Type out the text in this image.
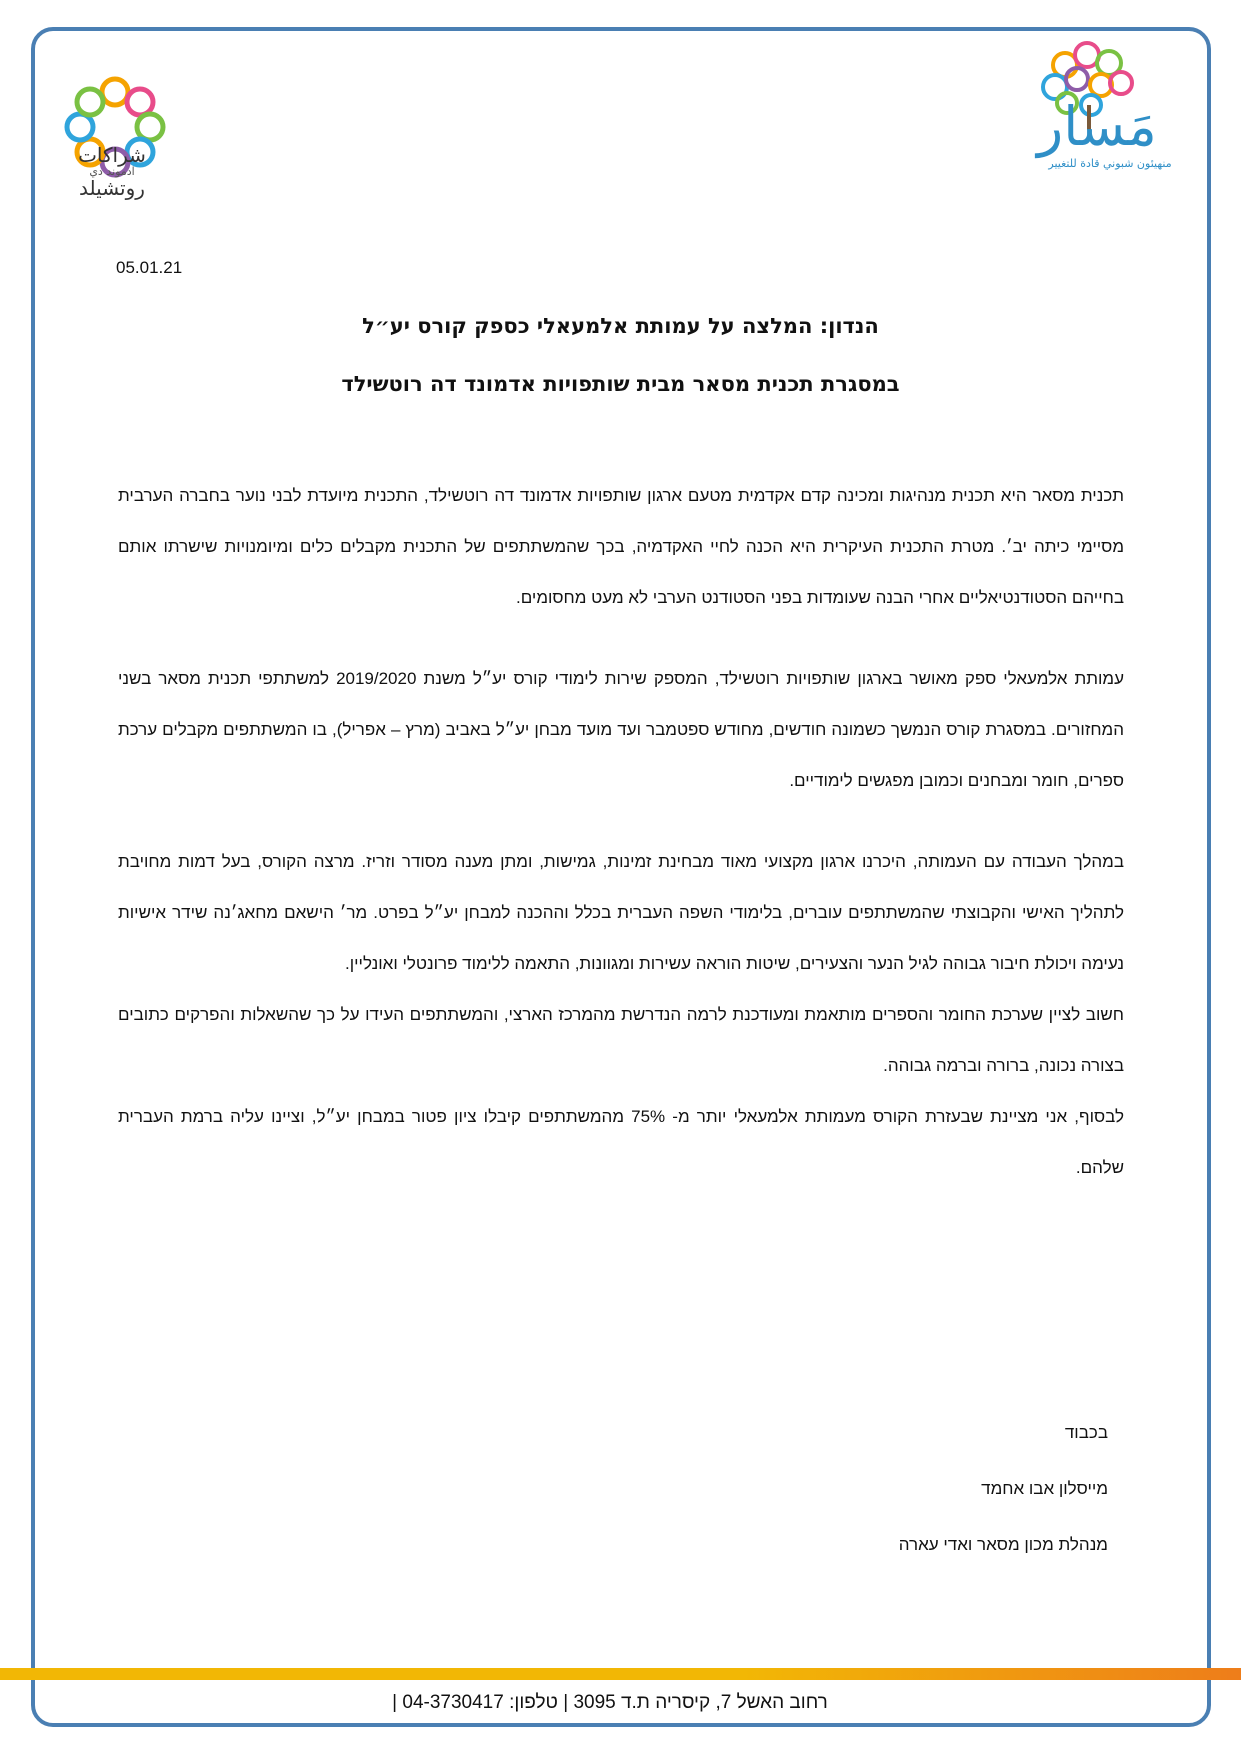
شراكات
ادموند دي
روتشيلد
مَسار
منهيئون شبوني قادة للتغيير
05.01.21
הנדון: המלצה על עמותת אלמעאלי כספק קורס יע״ל
במסגרת תכנית מסאר מבית שותפויות אדמונד דה רוטשילד

תכנית מסאר היא תכנית מנהיגות ומכינה קדם אקדמית מטעם ארגון שותפויות אדמונד דה רוטשילד, התכנית מיועדת לבני נוער בחברה הערבית מסיימי כיתה יב׳. מטרת התכנית העיקרית היא הכנה לחיי האקדמיה, בכך שהמשתתפים של התכנית מקבלים כלים ומיומנויות שישרתו אותם בחייהם הסטודנטיאליים אחרי הבנה שעומדות בפני הסטודנט הערבי לא מעט מחסומים.

עמותת אלמעאלי ספק מאושר בארגון שותפויות רוטשילד, המספק שירות לימודי קורס יע״ל משנת 2019/2020 למשתתפי תכנית מסאר בשני המחזורים. במסגרת קורס הנמשך כשמונה חודשים, מחודש ספטמבר ועד מועד מבחן יע״ל באביב (מרץ – אפריל), בו המשתתפים מקבלים ערכת ספרים, חומר ומבחנים וכמובן מפגשים לימודיים.

במהלך העבודה עם העמותה, היכרנו ארגון מקצועי מאוד מבחינת זמינות, גמישות, ומתן מענה מסודר וזריז. מרצה הקורס, בעל דמות מחויבת לתהליך האישי והקבוצתי שהמשתתפים עוברים, בלימודי השפה העברית בכלל וההכנה למבחן יע״ל בפרט. מר׳ הישאם מחאג׳נה שידר אישיות נעימה ויכולת חיבור גבוהה לגיל הנער והצעירים, שיטות הוראה עשירות ומגוונות, התאמה ללימוד פרונטלי ואונליין.

חשוב לציין שערכת החומר והספרים מותאמת ומעודכנת לרמה הנדרשת מהמרכז הארצי, והמשתתפים העידו על כך שהשאלות והפרקים כתובים בצורה נכונה, ברורה וברמה גבוהה.

לבסוף, אני מציינת שבעזרת הקורס מעמותת אלמעאלי יותר מ- 75% מהמשתתפים קיבלו ציון פטור במבחן יע״ל, וציינו עליה ברמת העברית שלהם.

בכבוד
מייסלון אבו אחמד
מנהלת מכון מסאר ואדי עארה
רחוב האשל 7, קיסריה ת.ד 3095 | טלפון: 04-3730417 |
